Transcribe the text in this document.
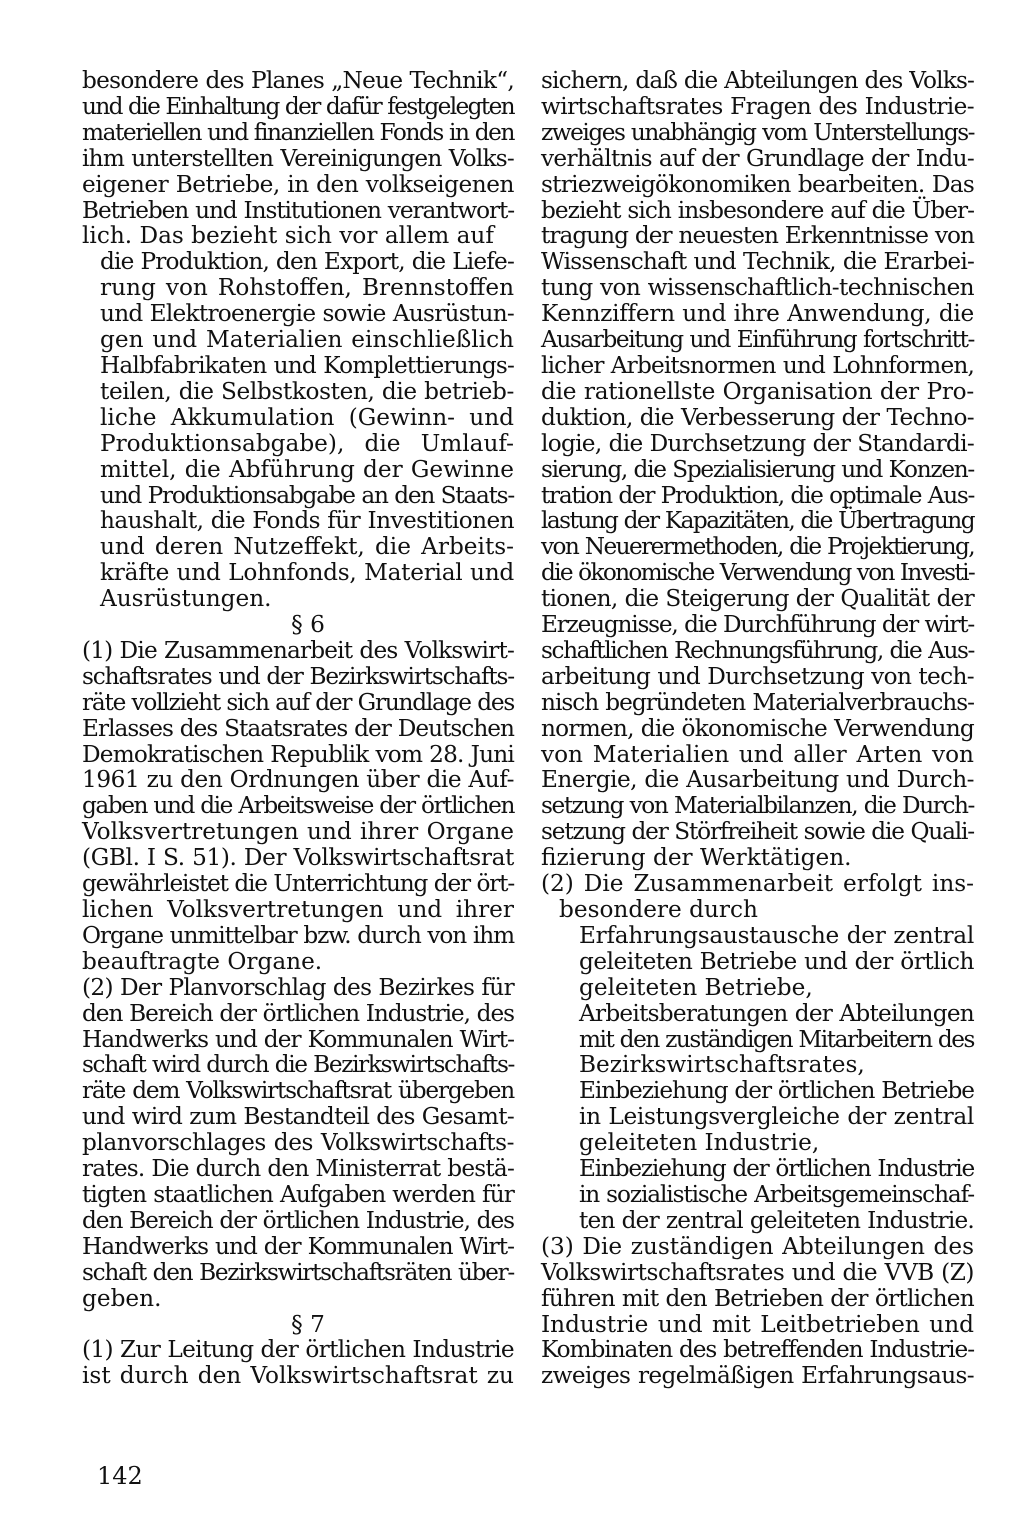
besondere des Planes „Neue Technik“,
und die Einhaltung der dafür festgelegten
materiellen und finanziellen Fonds in den
ihm unterstellten Vereinigungen Volks-
eigener Betriebe, in den volkseigenen
Betrieben und Institutionen verantwort-
lich. Das bezieht sich vor allem auf
die Produktion, den Export, die Liefe-
rung von Rohstoffen, Brennstoffen
und Elektroenergie sowie Ausrüstun-
gen und Materialien einschließlich
Halbfabrikaten und Komplettierungs-
teilen, die Selbstkosten, die betrieb-
liche Akkumulation (Gewinn- und
Produktionsabgabe), die Umlauf-
mittel, die Abführung der Gewinne
und Produktionsabgabe an den Staats-
haushalt, die Fonds für Investitionen
und deren Nutzeffekt, die Arbeits-
kräfte und Lohnfonds, Material und
Ausrüstungen.
§ 6
(1) Die Zusammenarbeit des Volkswirt-
schaftsrates und der Bezirkswirtschafts-
räte vollzieht sich auf der Grundlage des
Erlasses des Staatsrates der Deutschen
Demokratischen Republik vom 28. Juni
1961 zu den Ordnungen über die Auf-
gaben und die Arbeitsweise der örtlichen
Volksvertretungen und ihrer Organe
(GBl. I S. 51). Der Volkswirtschaftsrat
gewährleistet die Unterrichtung der ört-
lichen Volksvertretungen und ihrer
Organe unmittelbar bzw. durch von ihm
beauftragte Organe.
(2) Der Planvorschlag des Bezirkes für
den Bereich der örtlichen Industrie, des
Handwerks und der Kommunalen Wirt-
schaft wird durch die Bezirkswirtschafts-
räte dem Volkswirtschaftsrat übergeben
und wird zum Bestandteil des Gesamt-
planvorschlages des Volkswirtschafts-
rates. Die durch den Ministerrat bestä-
tigten staatlichen Aufgaben werden für
den Bereich der örtlichen Industrie, des
Handwerks und der Kommunalen Wirt-
schaft den Bezirkswirtschaftsräten über-
geben.
§ 7
(1) Zur Leitung der örtlichen Industrie
ist durch den Volkswirtschaftsrat zu
sichern, daß die Abteilungen des Volks-
wirtschaftsrates Fragen des Industrie-
zweiges unabhängig vom Unterstellungs-
verhältnis auf der Grundlage der Indu-
striezweigökonomiken bearbeiten. Das
bezieht sich insbesondere auf die Über-
tragung der neuesten Erkenntnisse von
Wissenschaft und Technik, die Erarbei-
tung von wissenschaftlich-technischen
Kennziffern und ihre Anwendung, die
Ausarbeitung und Einführung fortschritt-
licher Arbeitsnormen und Lohnformen,
die rationellste Organisation der Pro-
duktion, die Verbesserung der Techno-
logie, die Durchsetzung der Standardi-
sierung, die Spezialisierung und Konzen-
tration der Produktion, die optimale Aus-
lastung der Kapazitäten, die Übertragung
von Neuerermethoden, die Projektierung,
die ökonomische Verwendung von Investi-
tionen, die Steigerung der Qualität der
Erzeugnisse, die Durchführung der wirt-
schaftlichen Rechnungsführung, die Aus-
arbeitung und Durchsetzung von tech-
nisch begründeten Materialverbrauchs-
normen, die ökonomische Verwendung
von Materialien und aller Arten von
Energie, die Ausarbeitung und Durch-
setzung von Materialbilanzen, die Durch-
setzung der Störfreiheit sowie die Quali-
fizierung der Werktätigen.
(2) Die Zusammenarbeit erfolgt ins-
besondere durch
Erfahrungsaustausche der zentral
geleiteten Betriebe und der örtlich
geleiteten Betriebe,
Arbeitsberatungen der Abteilungen
mit den zuständigen Mitarbeitern des
Bezirkswirtschaftsrates,
Einbeziehung der örtlichen Betriebe
in Leistungsvergleiche der zentral
geleiteten Industrie,
Einbeziehung der örtlichen Industrie
in sozialistische Arbeitsgemeinschaf-
ten der zentral geleiteten Industrie.
(3) Die zuständigen Abteilungen des
Volkswirtschaftsrates und die VVB (Z)
führen mit den Betrieben der örtlichen
Industrie und mit Leitbetrieben und
Kombinaten des betreffenden Industrie-
zweiges regelmäßigen Erfahrungsaus-
142
